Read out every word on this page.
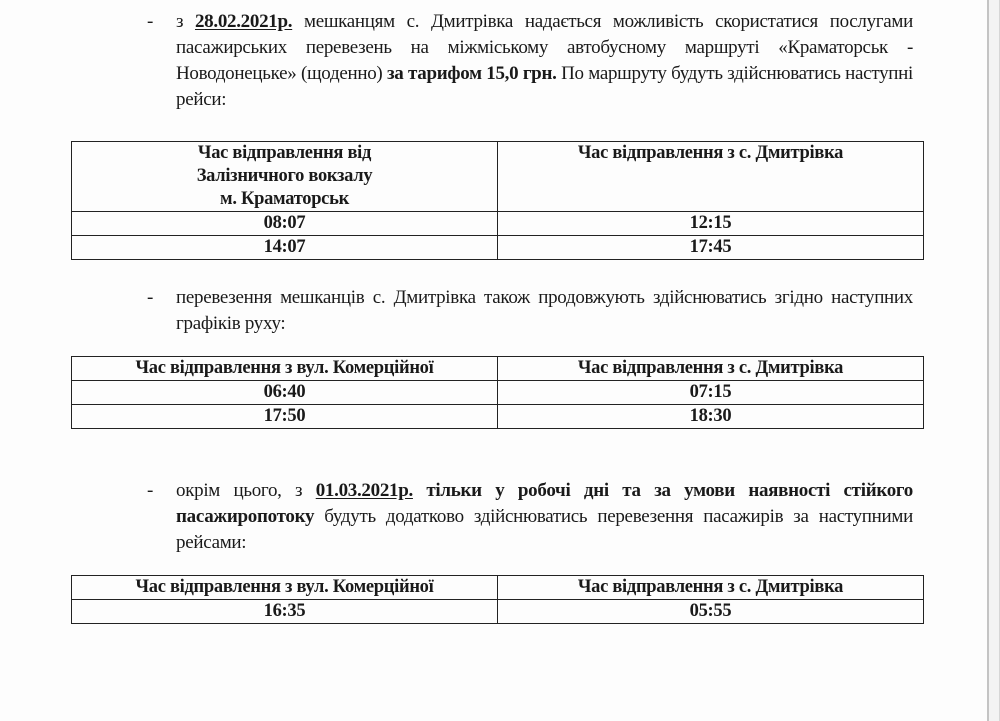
- з 28.02.2021р. мешканцям с. Дмитрівка надається можливість скористатися послугами пасажирських перевезень на міжміському автобусному маршруті «Краматорськ - Новодонецьке» (щоденно) за тарифом 15,0 грн. По маршруту будуть здійснюватись наступні рейси:
Час відправлення від Залізничного вокзалу м. Краматорськ	Час відправлення з с. Дмитрівка
08:07	12:15
14:07	17:45
- перевезення мешканців с. Дмитрівка також продовжують здійснюватись згідно наступних графіків руху:
Час відправлення з вул. Комерційної	Час відправлення з с. Дмитрівка
06:40	07:15
17:50	18:30
- окрім цього, з 01.03.2021р. тільки у робочі дні та за умови наявності стійкого пасажиропотоку будуть додатково здійснюватись перевезення пасажирів за наступними рейсами:
Час відправлення з вул. Комерційної	Час відправлення з с. Дмитрівка
16:35	05:55
